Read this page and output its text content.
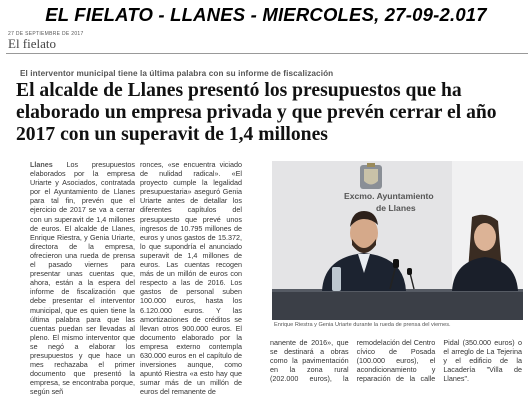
EL FIELATO - LLANES - MIERCOLES, 27-09-2.017
27 DE SEPTIEMBRE DE 2017
El fielato
El interventor municipal tiene la última palabra con su informe de fiscalización
El alcalde de Llanes presentó los presupuestos que ha elaborado un empresa privada y que prevén cerrar el año 2017 con un superavit de 1,4 millones
Llanes Los presupuestos elaborados por la empresa Uriarte y Asociados, contratada por el Ayuntamiento de Llanes para tal fin, prevén que el ejercicio de 2017 se va a cerrar con un superavit de 1,4 millones de euros. El alcalde de Llanes, Enrique Riestra, y Genia Uriarte, directora de la empresa, ofrecieron una rueda de prensa el pasado viernes para presentar unas cuentas que, ahora, están a la espera del informe de fiscalización que debe presentar el interventor municipal, que es quien tiene la última palabra para que las cuentas puedan ser llevadas al pleno. El mismo interventor que se negó a elaborar los presupuestos y que hace un mes rechazaba el primer documento que presentó la empresa, se encontraba porque, según señ
ronces, «se encuentra viciado de nulidad radical». «El proyecto cumple la legalidad presupuestaria» aseguró Genia Uriarte antes de detallar los diferentes capítulos del presupuesto que prevé unos ingresos de 10.795 millones de euros y unos gastos de 15.372, lo que supondría el anunciado superavit de 1,4 millones de euros. Las cuentas recogen más de un millón de euros con respecto a las de 2016. Los gastos de personal suben 100.000 euros, hasta los 6.120.000 euros. Y las amortizaciones de créditos se llevan otros 900.000 euros. El documento elaborado por la empresa externo contempla 630.000 euros en el capítulo de inversiones aunque, como apuntó Riestra «a esto hay que sumar más de un millón de euros del remanente de
Excmo. Ayuntamiento
de Llanes
Enrique Riestra y Genia Uriarte durante la rueda de prensa del viernes.
nanente de 2016», que se destinará a obras como la pavimentación en la zona rural (202.000 euros), la remodelación del Centro cívico de Posada (100.000 euros), el acondicionamiento y reparación de la calle Pidal (350.000 euros) o el arreglo de La Tejerina y el edificio de la Lacadería "Villa de Llanes".
